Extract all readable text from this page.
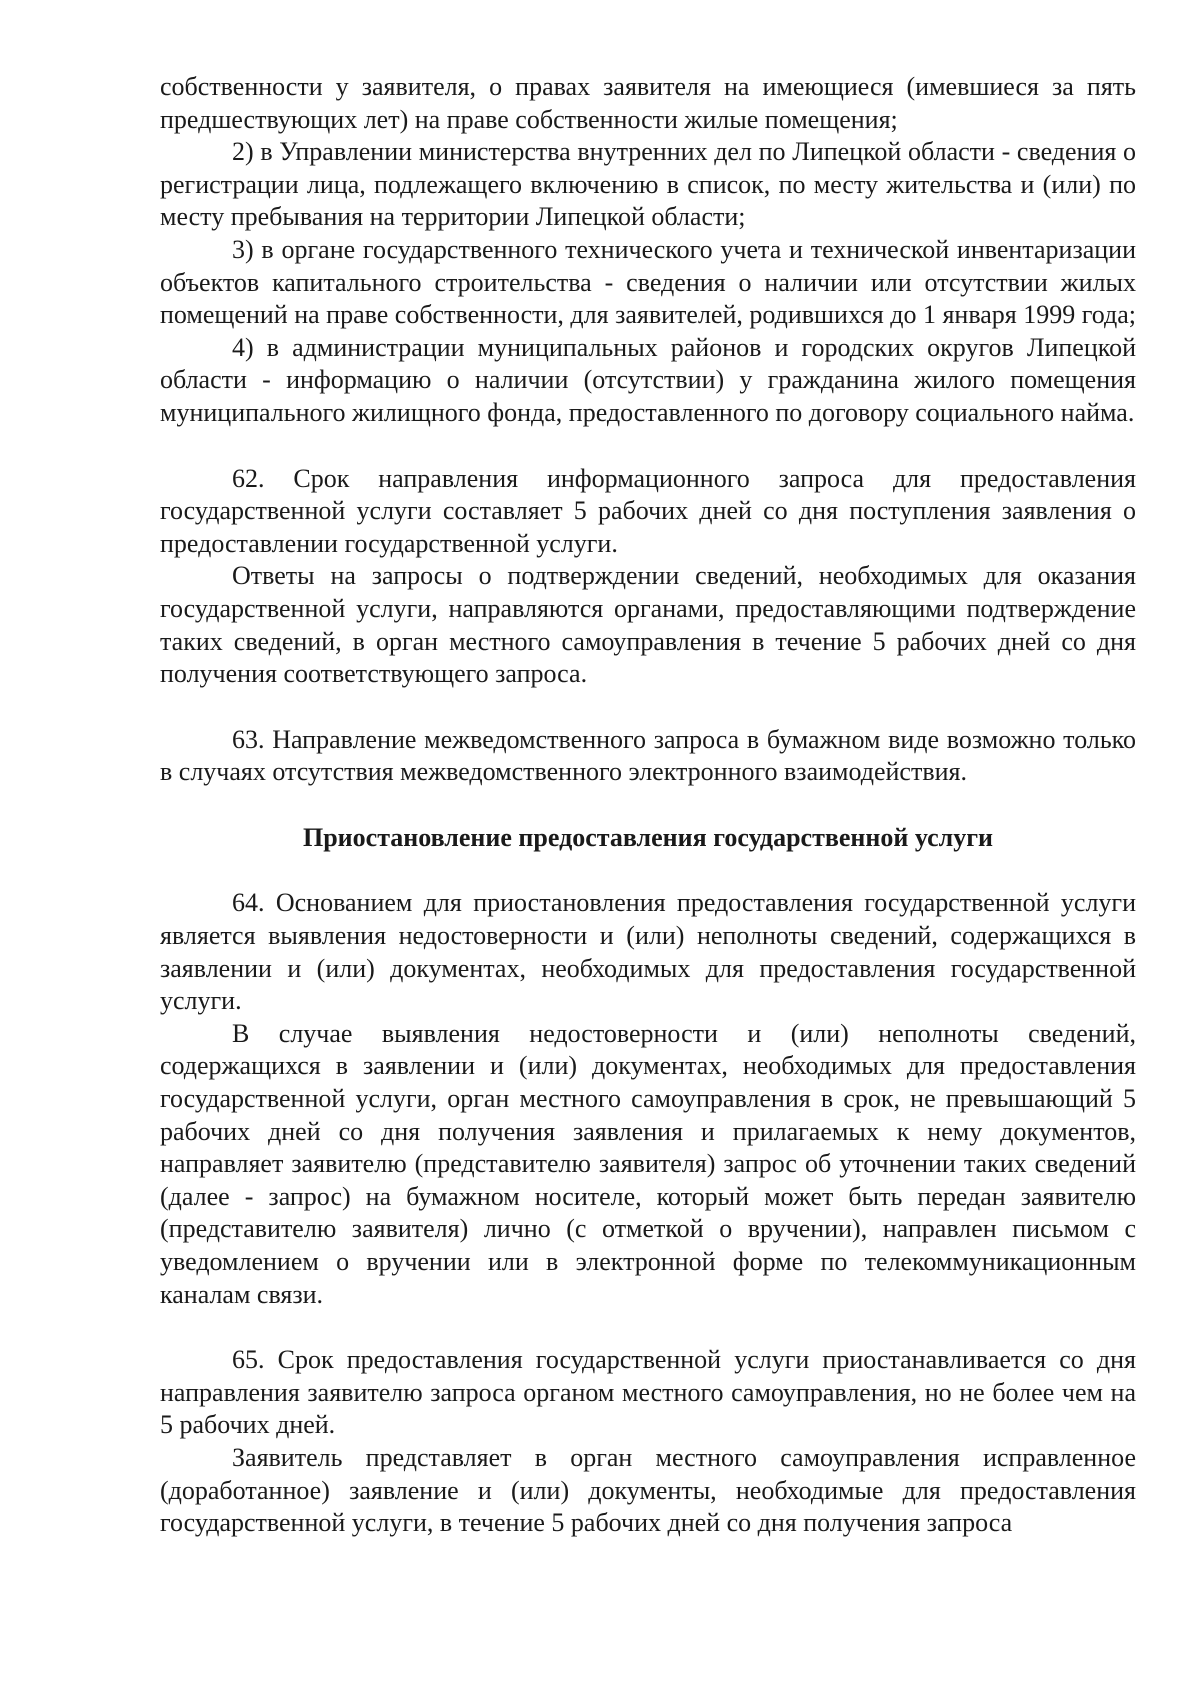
собственности у заявителя, о правах заявителя на имеющиеся (имевшиеся за пять предшествующих лет) на праве собственности жилые помещения;

2) в Управлении министерства внутренних дел по Липецкой области - сведения о регистрации лица, подлежащего включению в список, по месту жительства и (или) по месту пребывания на территории Липецкой области;

3) в органе государственного технического учета и технической инвентаризации объектов капитального строительства - сведения о наличии или отсутствии жилых помещений на праве собственности, для заявителей, родившихся до 1 января 1999 года;

4) в администрации муниципальных районов и городских округов Липецкой области - информацию о наличии (отсутствии) у гражданина жилого помещения муниципального жилищного фонда, предоставленного по договору социального найма.

62. Срок направления информационного запроса для предоставления государственной услуги составляет 5 рабочих дней со дня поступления заявления о предоставлении государственной услуги.

Ответы на запросы о подтверждении сведений, необходимых для оказания государственной услуги, направляются органами, предоставляющими подтверждение таких сведений, в орган местного самоуправления в течение 5 рабочих дней со дня получения соответствующего запроса.

63. Направление межведомственного запроса в бумажном виде возможно только в случаях отсутствия межведомственного электронного взаимодействия.

Приостановление предоставления государственной услуги

64. Основанием для приостановления предоставления государственной услуги является выявления недостоверности и (или) неполноты сведений, содержащихся в заявлении и (или) документах, необходимых для предоставления государственной услуги.

В случае выявления недостоверности и (или) неполноты сведений, содержащихся в заявлении и (или) документах, необходимых для предоставления государственной услуги, орган местного самоуправления в срок, не превышающий 5 рабочих дней со дня получения заявления и прилагаемых к нему документов, направляет заявителю (представителю заявителя) запрос об уточнении таких сведений (далее - запрос) на бумажном носителе, который может быть передан заявителю (представителю заявителя) лично (с отметкой о вручении), направлен письмом с уведомлением о вручении или в электронной форме по телекоммуникационным каналам связи.

65. Срок предоставления государственной услуги приостанавливается со дня направления заявителю запроса органом местного самоуправления, но не более чем на 5 рабочих дней.

Заявитель представляет в орган местного самоуправления исправленное (доработанное) заявление и (или) документы, необходимые для предоставления государственной услуги, в течение 5 рабочих дней со дня получения запроса
